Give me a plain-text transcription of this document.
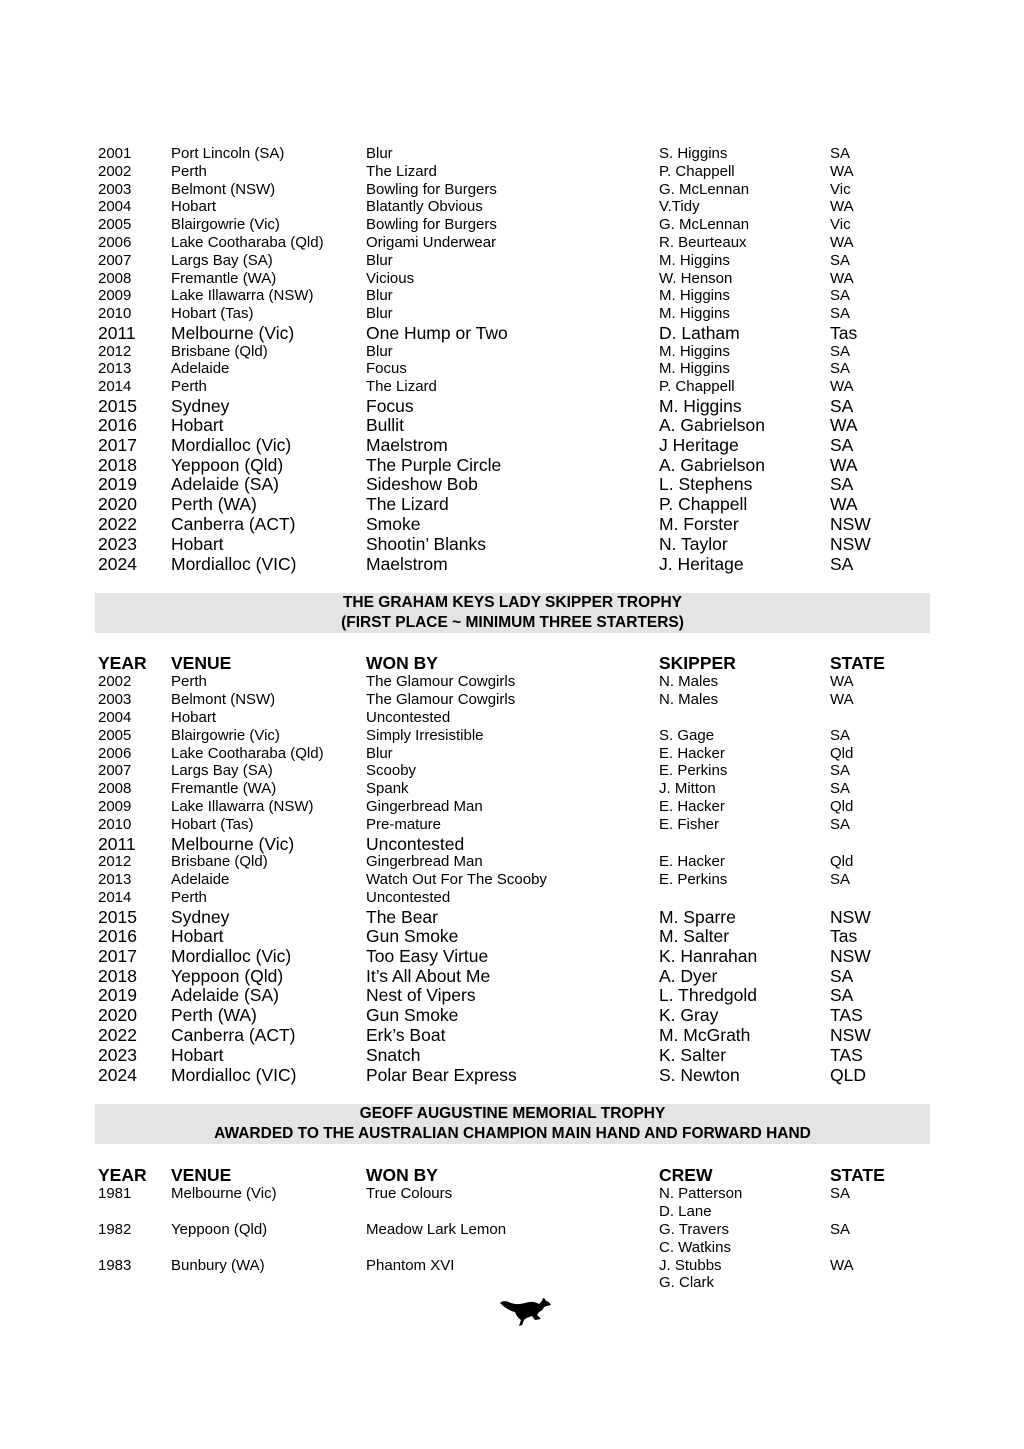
2001	Port Lincoln (SA)	Blur	S. Higgins	SA
2002	Perth	The Lizard	P. Chappell	WA
2003	Belmont (NSW)	Bowling for Burgers	G. McLennan	Vic
2004	Hobart	Blatantly Obvious	V.Tidy	WA
2005	Blairgowrie (Vic)	Bowling for Burgers	G. McLennan	Vic
2006	Lake Cootharaba (Qld)	Origami Underwear	R. Beurteaux	WA
2007	Largs Bay (SA)	Blur	M. Higgins	SA
2008	Fremantle (WA)	Vicious	W. Henson	WA
2009	Lake Illawarra (NSW)	Blur	M. Higgins	SA
2010	Hobart (Tas)	Blur	M. Higgins	SA
2011 Melbourne (Vic)	One Hump or Two	D. Latham	Tas
2012	Brisbane (Qld)	Blur	M. Higgins	SA
2013	Adelaide	Focus	M. Higgins	SA
2014	Perth	The Lizard	P. Chappell	WA
2015 Sydney	Focus	M. Higgins	SA
2016 Hobart	Bullit	A. Gabrielson	WA
2017 Mordialloc (Vic)	Maelstrom	J Heritage	SA
2018 Yeppoon (Qld)	The Purple Circle	A. Gabrielson	WA
2019 Adelaide (SA)	Sideshow Bob	L. Stephens	SA
2020 Perth (WA)	The Lizard	P. Chappell	WA
2022 Canberra (ACT)	Smoke	M. Forster	NSW
2023 Hobart	Shootin’ Blanks	N. Taylor	NSW
2024 Mordialloc (VIC)	Maelstrom	J. Heritage	SA
THE GRAHAM KEYS LADY SKIPPER TROPHY
(FIRST PLACE ~ MINIMUM THREE STARTERS)
YEAR VENUE	WON BY	SKIPPER	STATE
2002	Perth	The Glamour Cowgirls	N. Males	WA
2003	Belmont (NSW)	The Glamour Cowgirls	N. Males	WA
2004	Hobart	Uncontested
2005	Blairgowrie (Vic)	Simply Irresistible	S. Gage	SA
2006	Lake Cootharaba (Qld)	Blur	E. Hacker	Qld
2007	Largs Bay (SA)	Scooby	E. Perkins	SA
2008	Fremantle (WA)	Spank	J. Mitton	SA
2009	Lake Illawarra (NSW)	Gingerbread Man	E. Hacker	Qld
2010	Hobart (Tas)	Pre-mature	E. Fisher	SA
2011 Melbourne (Vic)	Uncontested
2012	Brisbane (Qld)	Gingerbread Man	E. Hacker	Qld
2013	Adelaide	Watch Out For The Scooby	E. Perkins	SA
2014	Perth	Uncontested
2015 Sydney	The Bear	M. Sparre	NSW
2016 Hobart	Gun Smoke	M. Salter	Tas
2017 Mordialloc (Vic)	Too Easy Virtue	K. Hanrahan	NSW
2018 Yeppoon (Qld)	It’s All About Me	A. Dyer	SA
2019 Adelaide (SA)	Nest of Vipers	L. Thredgold	SA
2020 Perth (WA)	Gun Smoke	K. Gray	TAS
2022 Canberra (ACT)	Erk’s Boat	M. McGrath	NSW
2023 Hobart	Snatch	K. Salter	TAS
2024 Mordialloc (VIC)	Polar Bear Express	S. Newton	QLD
GEOFF AUGUSTINE MEMORIAL TROPHY
AWARDED TO THE AUSTRALIAN CHAMPION MAIN HAND AND FORWARD HAND
YEAR VENUE	WON BY	CREW	STATE
1981	Melbourne (Vic)	True Colours	N. Patterson	SA
D. Lane
1982	Yeppoon (Qld)	Meadow Lark Lemon	G. Travers	SA
C. Watkins
1983	Bunbury (WA)	Phantom XVI	J. Stubbs	WA
G. Clark
